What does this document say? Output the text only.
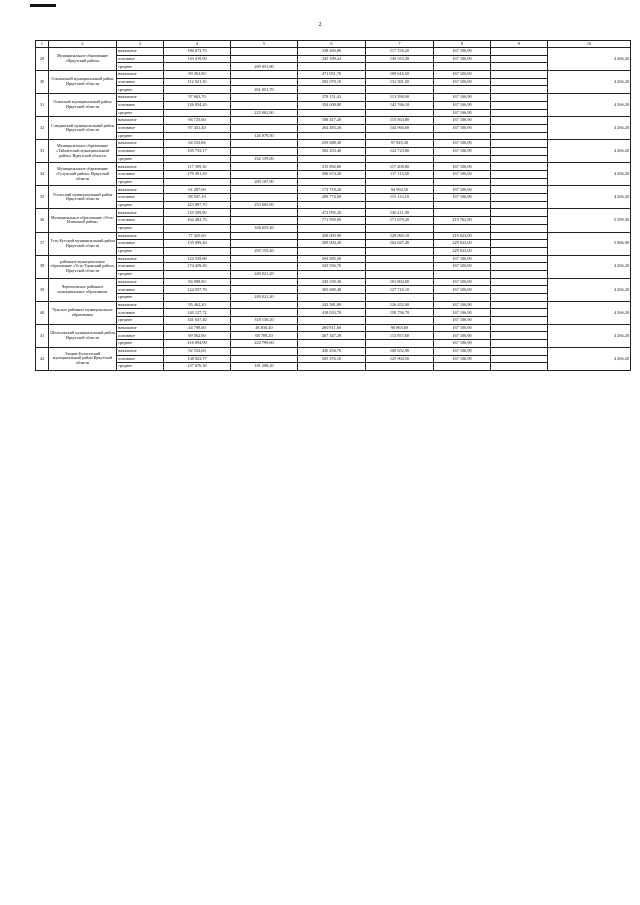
2
1	2	3	4	5	6	7	8	9	10
29	Муниципальное образование «Иркутский район»	начальное	186 673,70		338 469,80	117 156,20	167 106,90		4 266,20
		основное	143 419,90		345 189,24	149 553,38	167 106,90		
		среднее		269 051,80					
30	Ольхонский муниципальный район Иркутской области	начальное	99 363,90		471 051,70	109 616,50	167 106,90		4 266,20
		основное	112 921,10		392 070,10	131 501,50	167 106,90		
		среднее		261 051,70					
31	Осинский муниципальный район Иркутской области	начальное	97 663,70		378 151,41	113 598,90	167 106,90		4 266,20
		основное	126 954,20		354 008,80	142 766,10	167 106,90		
		среднее		225 062,80			167 106,90		
32	Слюдянский муниципальный район Иркутской области	начальное	66 725,60		188 417,20	115 563,80	167 106,90		4 266,20
		основное	87 441,40		264 483,20	144 966,60	167 106,90		
		среднее		126 979,30					
33	Муниципальное образование «Тайшетский муниципальный район» Иркутской области	начальное	64 533,86		259 688,30	97 845,30	167 106,90		4 266,20
		основное	105 733,17		302 253,40	122 723,80	167 106,90		
		среднее		162 159,00					
34	Муниципальное образование «Тулунский район» Иркутской области	начальное	117 399,10		315 892,80	117 208,80	167 106,90		4 266,20
		основное	179 391,20		396 674,20	117 113,50	167 106,90		
		среднее		289 107,90					
35	Усольский муниципальный район Иркутской области	начальное	61 287,00		173 718,20	94 994,50	167 106,90		4 266,20
		основное	88 547,10		209 774,00	115 133,10	167 106,90		
		среднее	223 897,70	253 005,90					
36	Муниципальное образование «Усть-Илимский район»	начальное	118 309,90		472 095,20	136 211,90			5 599,40
		основное	162 482,70		771 950,00	171 679,20	219 762,80		
		среднее		336 655,40					
37	Усть-Кутский муниципальный район Иркутской области	начальное	77 425,60		458 003,90	129 065,10	219 023,00		5 866,90
		основное	135 099,40		309 004,20	162 047,40	229 023,00		
		среднее		295 155,40			229 023,00		
38	районное муниципальное образование «Усть-Удинский район» Иркутской области	начальное	122 539,80		294 285,50		167 106,90		4 266,20
		основное	174 429,20		325 556,70		167 106,90		
		среднее		249 021,20					
39	Черемховское районное муниципальное образование	начальное	84 908,90		335 339,30	101 804,00	167 106,90		4 266,20
		основное	124 957,70		365 680,40	127 710,10	167 106,90		
		среднее		249 021,20					
40	Чунское районное муниципальное образование	начальное	95 462,20		243 581,80	126 452,00	167 106,90		4 266,20
		основное	140 127,72		418 033,70	158 756,70	167 106,90		
		среднее	341 637,40	318 150,20			167 106,90		
41	Шелеховский муниципальный район Иркутской области	начальное	44 798,60	46 836,40	260 811,60	90 865,60	167 106,90		4 266,20
		основное	69 562,90	68 789,20	267 347,29	113 957,60	167 106,90		
		среднее	216 094,90	222 799,60			167 106,90		
42	Эхирит-Булагатский муниципальный район Иркутской области	начальное	92 532,60		430 256,70	100 652,90	167 106,90		4 266,20
		основное	138 823,77		505 376,10	125 904,50	167 106,90		
		среднее	137 676,30	181 208,20					
